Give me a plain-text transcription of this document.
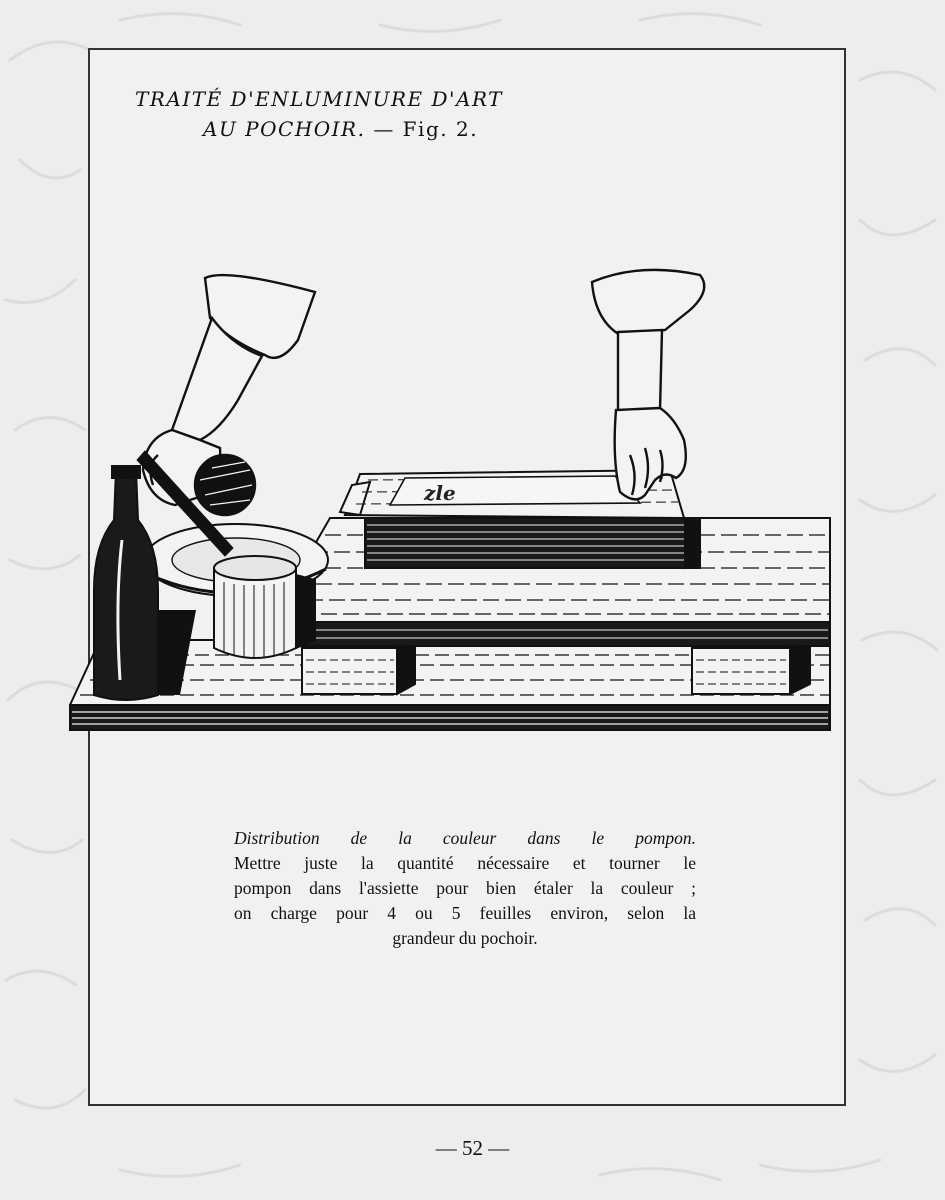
TRAITÉ D'ENLUMINURE D'ART
AU POCHOIR. — Fig. 2.
zle
Distribution de la couleur dans le pompon.
Mettre juste la quantité nécessaire et tourner le
pompon dans l'assiette pour bien étaler la couleur ;
on charge pour 4 ou 5 feuilles environ, selon la
grandeur du pochoir.
— 52 —
